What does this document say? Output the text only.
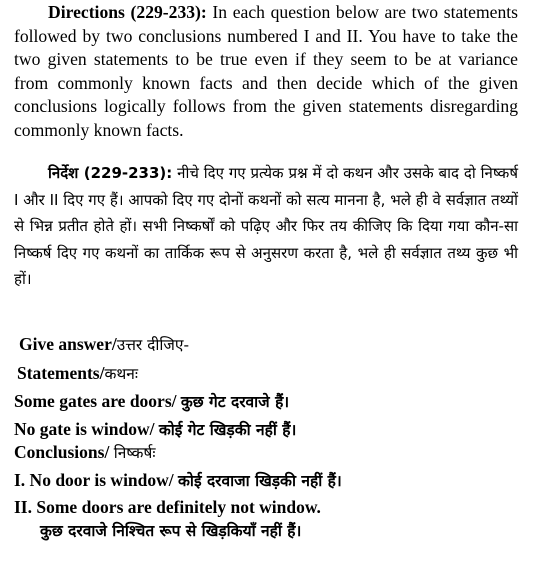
Directions (229-233): In each question below are two statements followed by two conclusions numbered I and II. You have to take the two given statements to be true even if they seem to be at variance from commonly known facts and then decide which of the given conclusions logically follows from the given statements disregarding commonly known facts.
निर्देश (229-233): नीचे दिए गए प्रत्येक प्रश्न में दो कथन और उसके बाद दो निष्कर्ष I और II दिए गए हैं। आपको दिए गए दोनों कथनों को सत्य मानना है, भले ही वे सर्वज्ञात तथ्यों से भिन्न प्रतीत होते हों। सभी निष्कर्षों को पढ़िए और फिर तय कीजिए कि दिया गया कौन-सा निष्कर्ष दिए गए कथनों का तार्किक रूप से अनुसरण करता है, भले ही सर्वज्ञात तथ्य कुछ भी हों।
Give answer/उत्तर दीजिए-
Statements/कथनः
Some gates are doors/ कुछ गेट दरवाजे हैं।
No gate is window/ कोई गेट खिड़की नहीं हैं।
Conclusions/ निष्कर्षः
I. No door is window/ कोई दरवाजा खिड़की नहीं हैं।
II. Some doors are definitely not window.
कुछ दरवाजे निश्चित रूप से खिड़कियाँ नहीं हैं।
